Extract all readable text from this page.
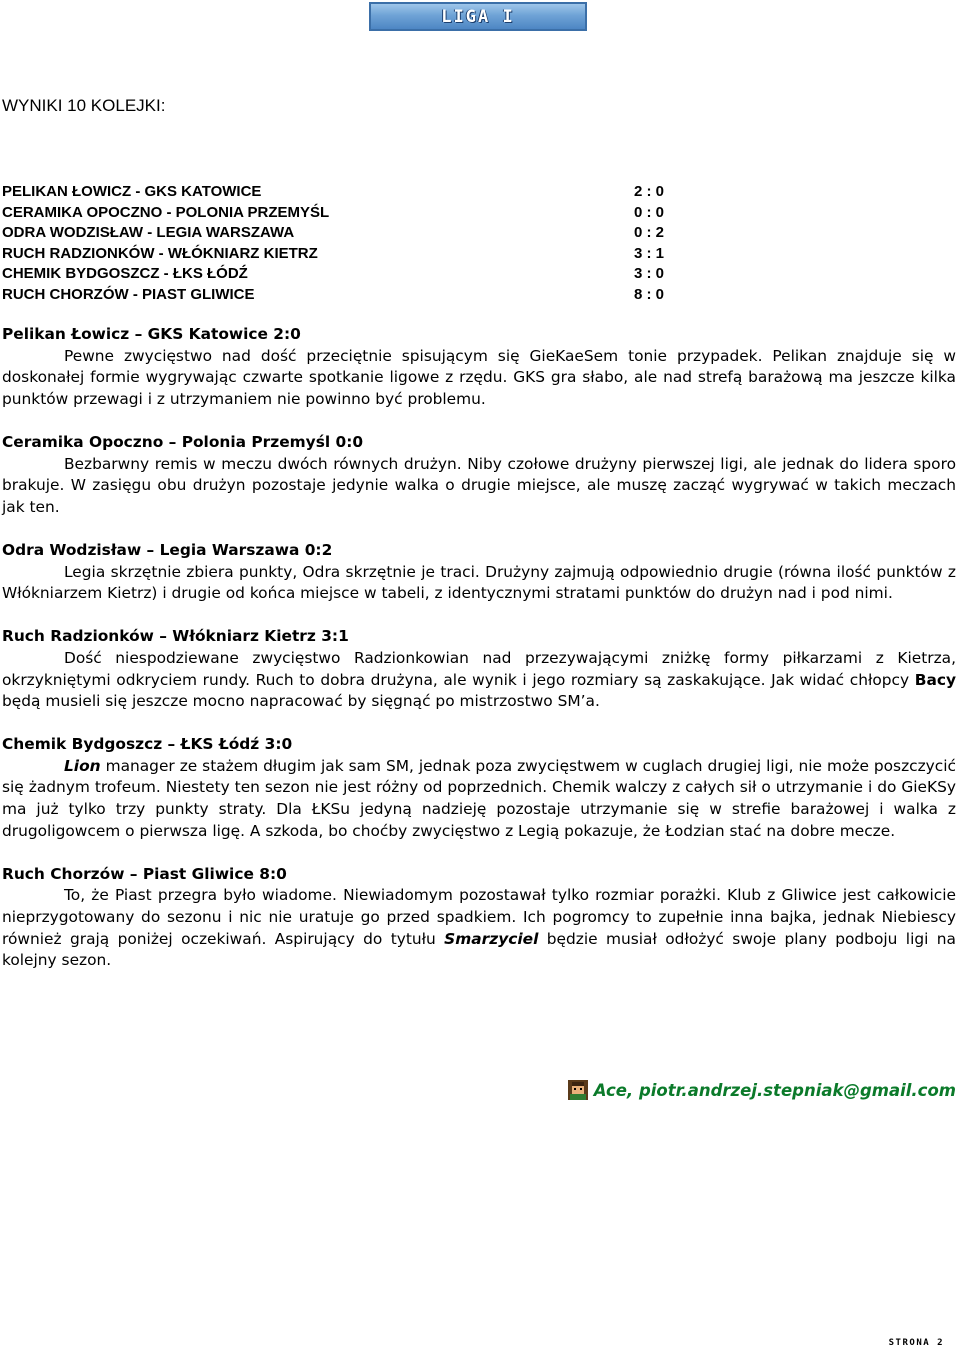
LIGA I
WYNIKI 10 KOLEJKI:
PELIKAN ŁOWICZ - GKS KATOWICE	2 : 0
CERAMIKA OPOCZNO - POLONIA PRZEMYŚL	0 : 0
ODRA WODZISŁAW - LEGIA WARSZAWA	0 : 2
RUCH RADZIONKÓW - WŁÓKNIARZ KIETRZ	3 : 1
CHEMIK BYDGOSZCZ - ŁKS ŁÓDŹ	3 : 0
RUCH CHORZÓW - PIAST GLIWICE	8 : 0
Pelikan Łowicz – GKS Katowice 2:0

Pewne zwycięstwo nad dość przeciętnie spisującym się GieKaeSem tonie przypadek. Pelikan znajduje się w doskonałej formie wygrywając czwarte spotkanie ligowe z rzędu. GKS gra słabo, ale nad strefą barażową ma jeszcze kilka punktów przewagi i z utrzymaniem nie powinno być problemu.

Ceramika Opoczno – Polonia Przemyśl 0:0

Bezbarwny remis w meczu dwóch równych drużyn. Niby czołowe drużyny pierwszej ligi, ale jednak do lidera sporo brakuje. W zasięgu obu drużyn pozostaje jedynie walka o drugie miejsce, ale muszę zacząć wygrywać w takich meczach jak ten.

Odra Wodzisław – Legia Warszawa 0:2

Legia skrzętnie zbiera punkty, Odra skrzętnie je traci. Drużyny zajmują odpowiednio drugie (równa ilość punktów z Włókniarzem Kietrz) i drugie od końca miejsce w tabeli, z identycznymi stratami punktów do drużyn nad i pod nimi.

Ruch Radzionków – Włókniarz Kietrz 3:1

Dość niespodziewane zwycięstwo Radzionkowian nad przezywającymi zniżkę formy piłkarzami z Kietrza, okrzykniętymi odkryciem rundy. Ruch to dobra drużyna, ale wynik i jego rozmiary są zaskakujące. Jak widać chłopcy Bacy będą musieli się jeszcze mocno napracować by sięgnąć po mistrzostwo SM’a.

Chemik Bydgoszcz – ŁKS Łódź 3:0

Lion manager ze stażem długim jak sam SM, jednak poza zwycięstwem w cuglach drugiej ligi, nie może poszczycić się żadnym trofeum. Niestety ten sezon nie jest różny od poprzednich. Chemik walczy z całych sił o utrzymanie i do GieKSy ma już tylko trzy punkty straty. Dla ŁKSu jedyną nadzieję pozostaje utrzymanie się w strefie barażowej i walka z drugoligowcem o pierwsza ligę. A szkoda, bo choćby zwycięstwo z Legią pokazuje, że Łodzian stać na dobre mecze.

Ruch Chorzów – Piast Gliwice 8:0

To, że Piast przegra było wiadome. Niewiadomym pozostawał tylko rozmiar porażki. Klub z Gliwice jest całkowicie nieprzygotowany do sezonu i nic nie uratuje go przed spadkiem. Ich pogromcy to zupełnie inna bajka, jednak Niebiescy również grają poniżej oczekiwań. Aspirujący do tytułu Smarzyciel będzie musiał odłożyć swoje plany podboju ligi na kolejny sezon.

Ace, piotr.andrzej.stepniak@gmail.com
STRONA 2
